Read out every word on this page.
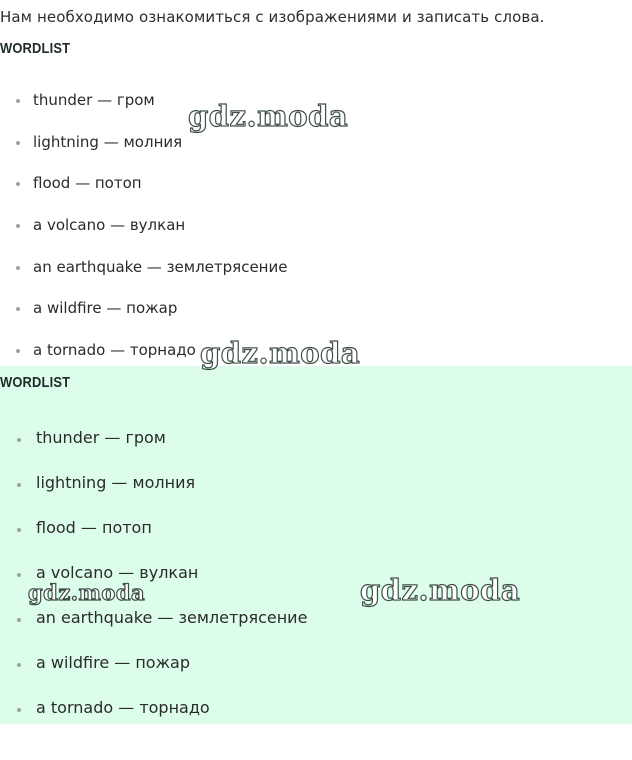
Нам необходимо ознакомиться с изображениями и записать слова.

WORDLIST
thunder — гром
lightning — молния
flood — потоп
a volcano — вулкан
an earthquake — землетрясение
a wildfire — пожар
a tornado — торнадо
WORDLIST
thunder — гром
lightning — молния
flood — потоп
a volcano — вулкан
an earthquake — землетрясение
a wildfire — пожар
a tornado — торнадо
gdz.moda
gdz.moda
gdz.moda	gdz.moda
